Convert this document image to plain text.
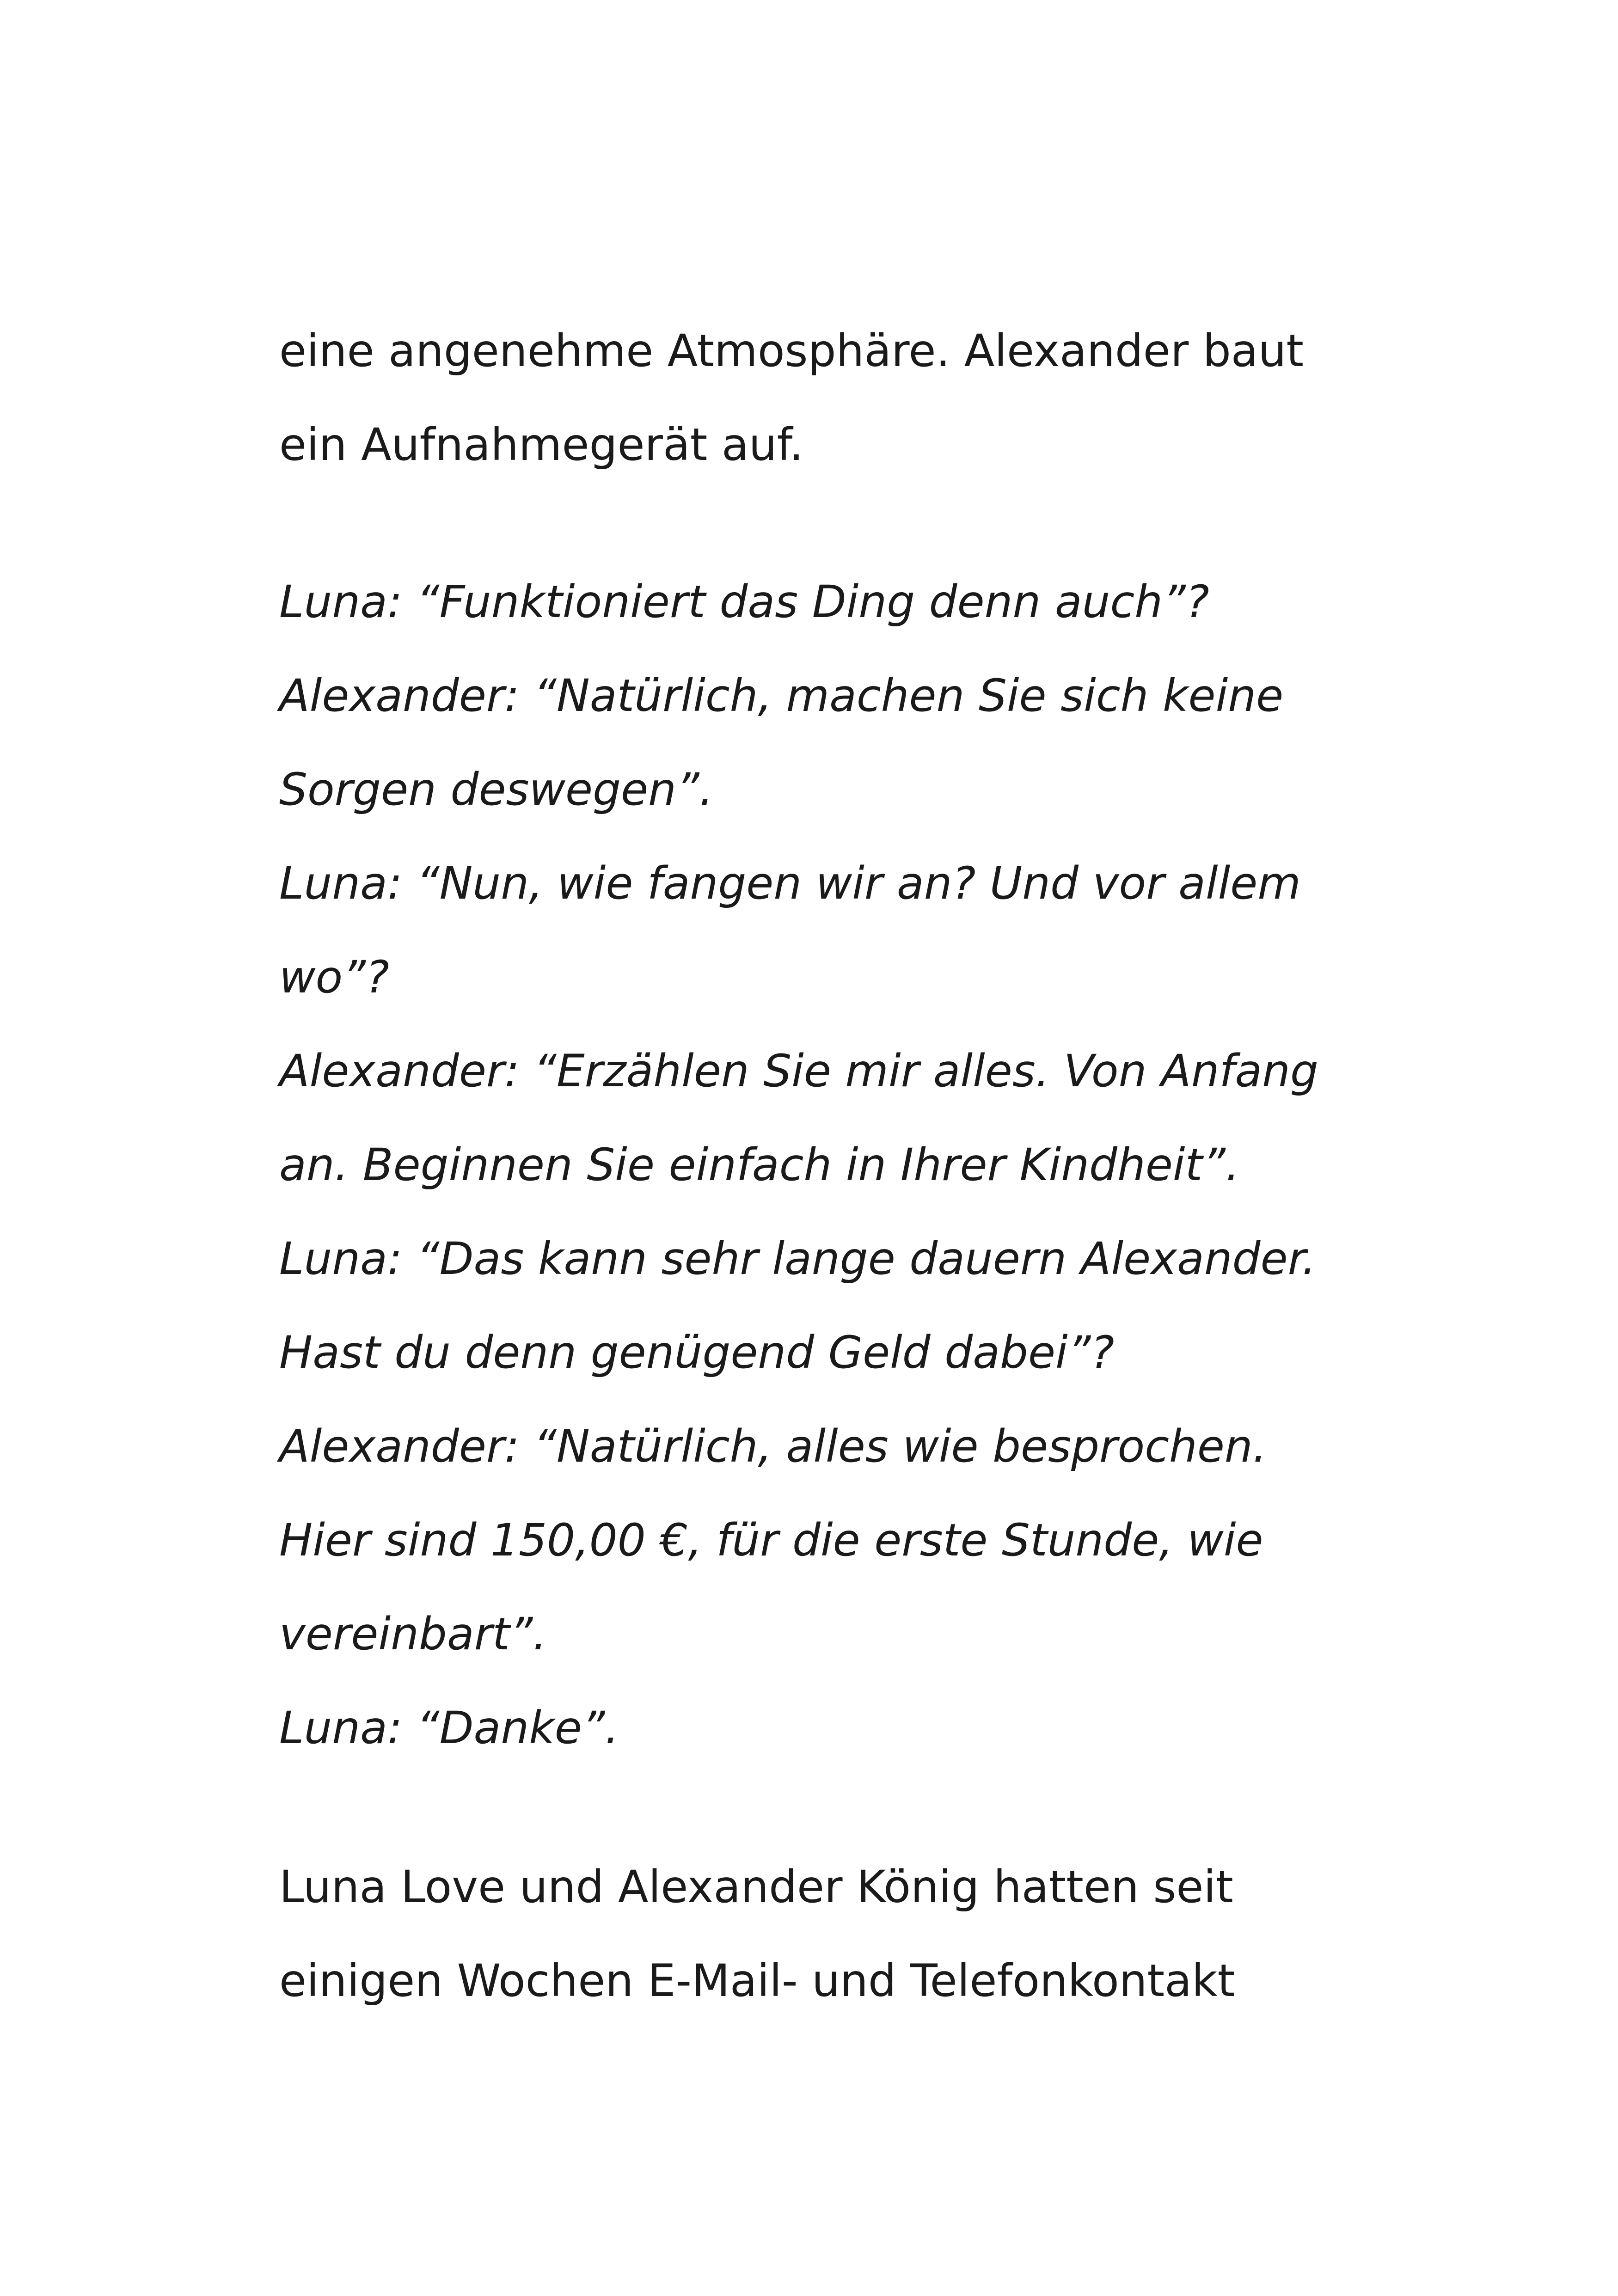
eine angenehme Atmosphäre. Alexander baut
ein Aufnahmegerät auf.
Luna: “Funktioniert das Ding denn auch”?
Alexander: “Natürlich, machen Sie sich keine
Sorgen deswegen”.
Luna: “Nun, wie fangen wir an? Und vor allem
wo”?
Alexander: “Erzählen Sie mir alles. Von Anfang
an. Beginnen Sie einfach in Ihrer Kindheit”.
Luna: “Das kann sehr lange dauern Alexander.
Hast du denn genügend Geld dabei”?
Alexander: “Natürlich, alles wie besprochen.
Hier sind 150,00 €, für die erste Stunde, wie
vereinbart”.
Luna: “Danke”.
Luna Love und Alexander König hatten seit
einigen Wochen E-Mail- und Telefonkontakt
